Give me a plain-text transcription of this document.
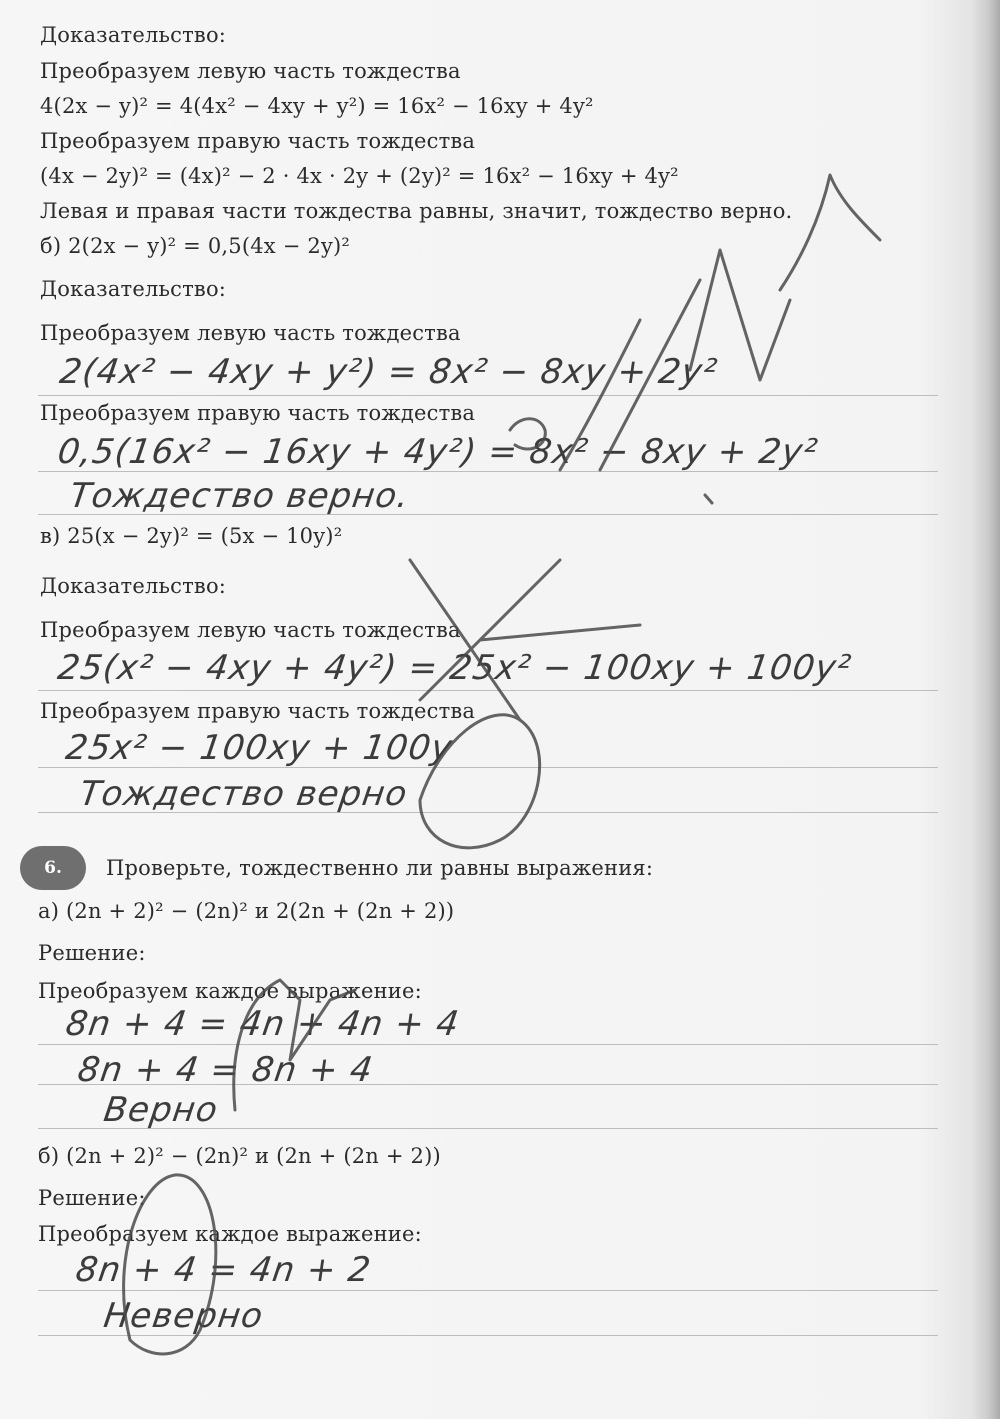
Доказательство:
Преобразуем левую часть тождества
4(2x − y)² = 4(4x² − 4xy + y²) = 16x² − 16xy + 4y²
Преобразуем правую часть тождества
(4x − 2y)² = (4x)² − 2 · 4x · 2y + (2y)² = 16x² − 16xy + 4y²
Левая и правая части тождества равны, значит, тождество верно.
б) 2(2x − y)² = 0,5(4x − 2y)²
Доказательство:
Преобразуем левую часть тождества
Преобразуем правую часть тождества
в) 25(x − 2y)² = (5x − 10y)²
Доказательство:
Преобразуем левую часть тождества
Преобразуем правую часть тождества
6.	Проверьте, тождественно ли равны выражения:
а) (2n + 2)² − (2n)² и 2(2n + (2n + 2))
Решение:
Преобразуем каждое выражение:
б) (2n + 2)² − (2n)² и (2n + (2n + 2))
Решение:
Преобразуем каждое выражение:
2(4x² − 4xy + y²) = 8x² − 8xy + 2y²
0,5(16x² − 16xy + 4y²) = 8x² − 8xy + 2y²
Тождество верно.
25(x² − 4xy + 4y²) = 25x² − 100xy + 100y²
25x² − 100xy + 100y
Тождество верно
8n + 4 = 4n + 4n + 4
8n + 4 = 8n + 4
Верно
8n + 4 = 4n + 2
Неверно
